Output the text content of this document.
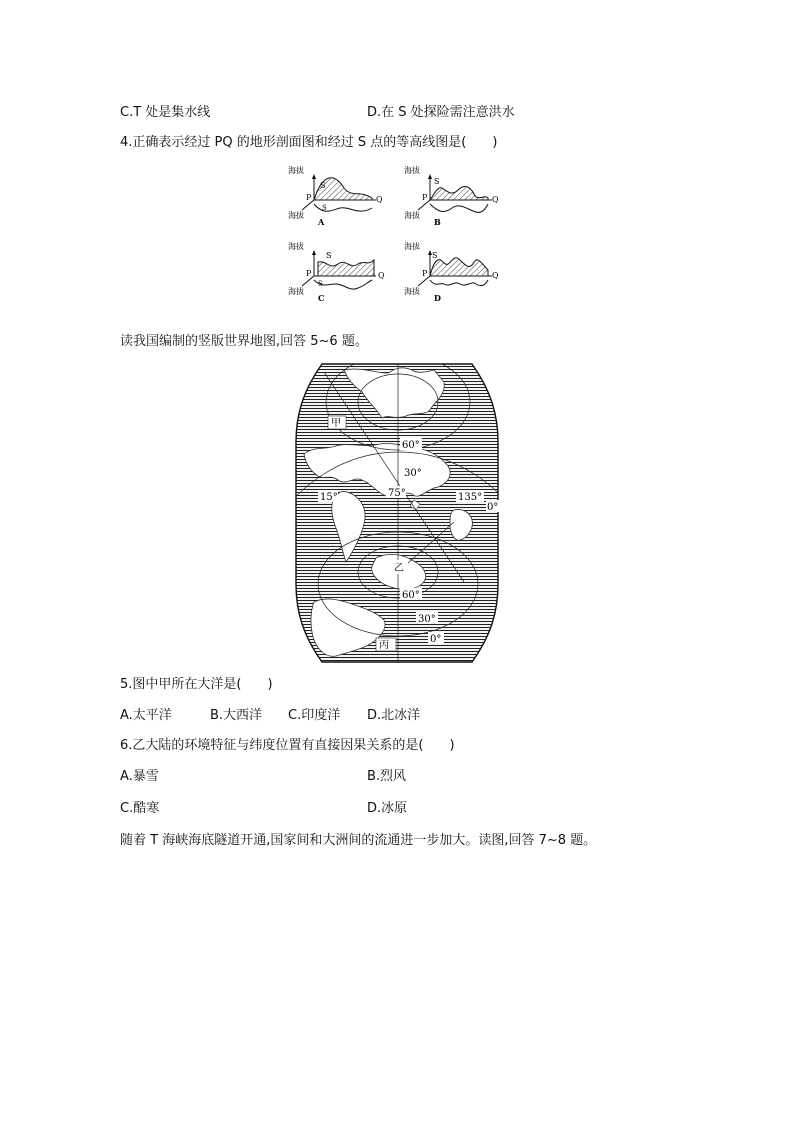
C.T 处是集水线	D.在 S 处探险需注意洪水
4.正确表示经过 PQ 的地形剖面图和经过 S 点的等高线图是(　　)
海拔
S
S
P	Q
海拔
A
海拔
S
P	Q
海拔
B
海拔
S
S
P	Q
海拔
C
海拔
S
P	Q
海拔
D
读我国编制的竖版世界地图,回答 5~6 题。
甲
60°
30°
75°
15°	135°
0°
乙
60°
30°
0°
丙
5.图中甲所在大洋是(　　)
A.太平洋	B.大西洋 C.印度洋 D.北冰洋
6.乙大陆的环境特征与纬度位置有直接因果关系的是(　　)
A.暴雪	B.烈风
C.酷寒	D.冰原
随着 T 海峡海底隧道开通,国家间和大洲间的流通进一步加大。读图,回答 7~8 题。
